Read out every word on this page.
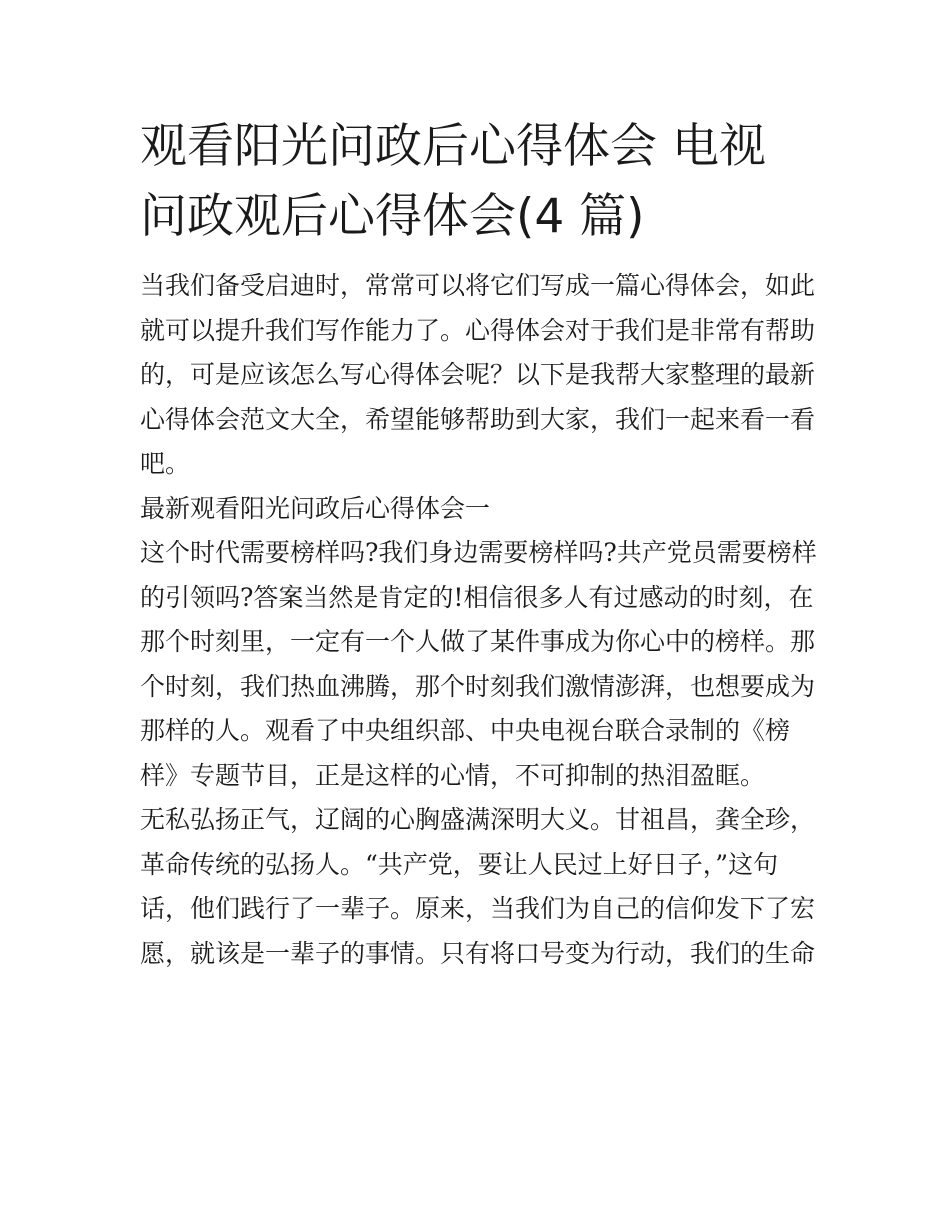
观看阳光问政后心得体会 电视
问政观后心得体会(4 篇)

当我们备受启迪时，常常可以将它们写成一篇心得体会，如此
就可以提升我们写作能力了。心得体会对于我们是非常有帮助
的，可是应该怎么写心得体会呢？以下是我帮大家整理的最新
心得体会范文大全，希望能够帮助到大家，我们一起来看一看
吧。

最新观看阳光问政后心得体会一

这个时代需要榜样吗?我们身边需要榜样吗?共产党员需要榜样
的引领吗?答案当然是肯定的!相信很多人有过感动的时刻，在
那个时刻里，一定有一个人做了某件事成为你心中的榜样。那
个时刻，我们热血沸腾，那个时刻我们激情澎湃，也想要成为
那样的人。观看了中央组织部、中央电视台联合录制的《榜
样》专题节目，正是这样的心情，不可抑制的热泪盈眶。

无私弘扬正气，辽阔的心胸盛满深明大义。甘祖昌，龚全珍，
革命传统的弘扬人。“共产党，要让人民过上好日子，”这句
话，他们践行了一辈子。原来，当我们为自己的信仰发下了宏
愿，就该是一辈子的事情。只有将口号变为行动，我们的生命
